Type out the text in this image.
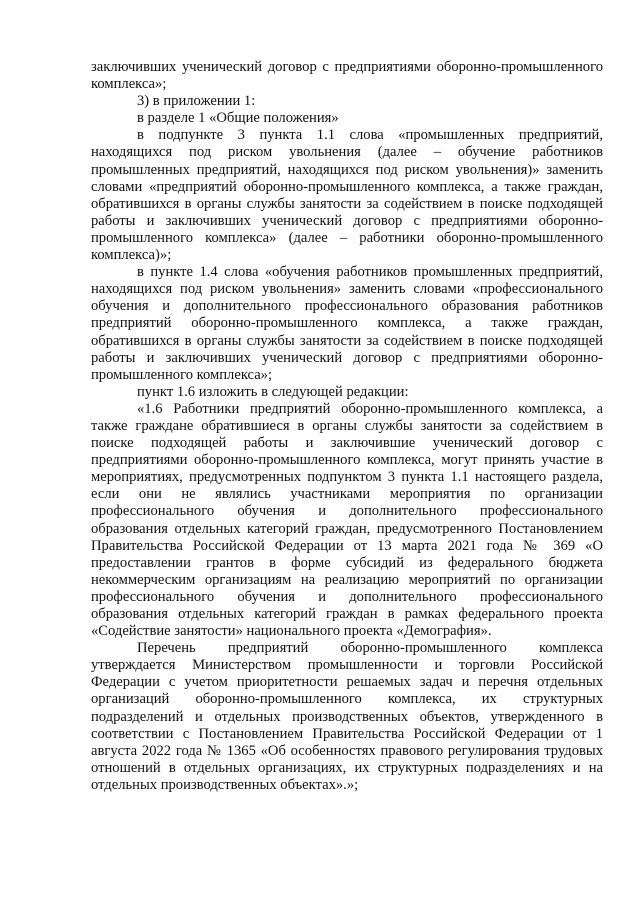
заключивших ученический договор с предприятиями оборонно-промышленного комплекса»;

3) в приложении 1:

в разделе 1 «Общие положения»

в подпункте 3 пункта 1.1 слова «промышленных предприятий, находящихся под риском увольнения (далее – обучение работников промышленных предприятий, находящихся под риском увольнения)» заменить словами «предприятий оборонно-промышленного комплекса, а также граждан, обратившихся в органы службы занятости за содействием в поиске подходящей работы и заключивших ученический договор с предприятиями оборонно-промышленного комплекса» (далее – работники оборонно-промышленного комплекса)»;

в пункте 1.4 слова «обучения работников промышленных предприятий, находящихся под риском увольнения» заменить словами «профессионального обучения и дополнительного профессионального образования работников предприятий оборонно-промышленного комплекса, а также граждан, обратившихся в органы службы занятости за содействием в поиске подходящей работы и заключивших ученический договор с предприятиями оборонно-промышленного комплекса»;

пункт 1.6 изложить в следующей редакции:

«1.6 Работники предприятий оборонно-промышленного комплекса, а также граждане обратившиеся в органы службы занятости за содействием в поиске подходящей работы и заключившие ученический договор с предприятиями оборонно-промышленного комплекса, могут принять участие в мероприятиях, предусмотренных подпунктом 3 пункта 1.1 настоящего раздела, если они не являлись участниками мероприятия по организации профессионального обучения и дополнительного профессионального образования отдельных категорий граждан, предусмотренного Постановлением Правительства Российской Федерации от 13 марта 2021 года № 369 «О предоставлении грантов в форме субсидий из федерального бюджета некоммерческим организациям на реализацию мероприятий по организации профессионального обучения и дополнительного профессионального образования отдельных категорий граждан в рамках федерального проекта «Содействие занятости» национального проекта «Демография».

Перечень предприятий оборонно-промышленного комплекса утверждается Министерством промышленности и торговли Российской Федерации с учетом приоритетности решаемых задач и перечня отдельных организаций оборонно-промышленного комплекса, их структурных подразделений и отдельных производственных объектов, утвержденного в соответствии с Постановлением Правительства Российской Федерации от 1 августа 2022 года № 1365 «Об особенностях правового регулирования трудовых отношений в отдельных организациях, их структурных подразделениях и на отдельных производственных объектах».»;
